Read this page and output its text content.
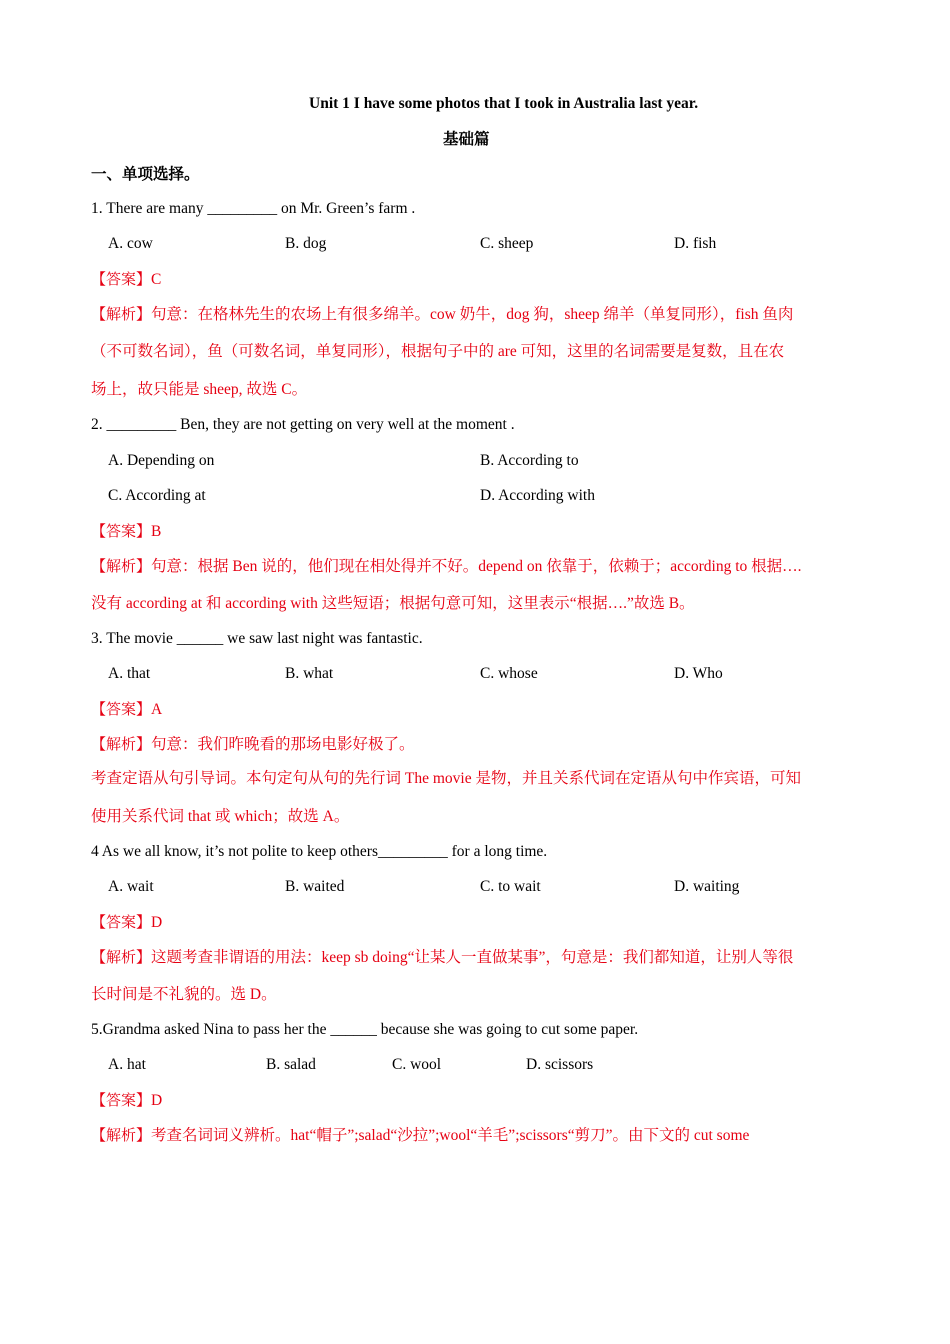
Unit 1 I have some photos that I took in Australia last year.
基础篇
一、单项选择。
1. There are many _________ on Mr. Green’s farm .
A. cow	B. dog	C. sheep	D. fish
【答案】C
【解析】句意：在格林先生的农场上有很多绵羊。cow 奶牛，dog 狗，sheep 绵羊（单复同形），fish 鱼肉
（不可数名词），鱼（可数名词，单复同形），根据句子中的 are 可知，这里的名词需要是复数，且在农
场上，故只能是 sheep, 故选 C。
2. _________ Ben, they are not getting on very well at the moment .
A. Depending on	B. According to
C. According at	D. According with
【答案】B
【解析】句意：根据 Ben 说的，他们现在相处得并不好。depend on 依靠于，依赖于；according to 根据….
没有 according at 和 according with 这些短语；根据句意可知，这里表示“根据….”故选 B。
3. The movie ______ we saw last night was fantastic.
A. that	B. what	C. whose	D. Who
【答案】A
【解析】句意：我们昨晚看的那场电影好极了。
考查定语从句引导词。本句定句从句的先行词 The movie 是物，并且关系代词在定语从句中作宾语，可知
使用关系代词 that 或 which；故选 A。
4 As we all know, it’s not polite to keep others_________ for a long time.
A. wait	B. waited	C. to wait	D. waiting
【答案】D
【解析】这题考查非谓语的用法：keep sb doing“让某人一直做某事”，句意是：我们都知道，让别人等很
长时间是不礼貌的。选 D。
5.Grandma asked Nina to pass her the ______ because she was going to cut some paper.
A. hat	B. salad	C. wool	D. scissors
【答案】D
【解析】考查名词词义辨析。hat“帽子”;salad“沙拉”;wool“羊毛”;scissors“剪刀”。由下文的 cut some
